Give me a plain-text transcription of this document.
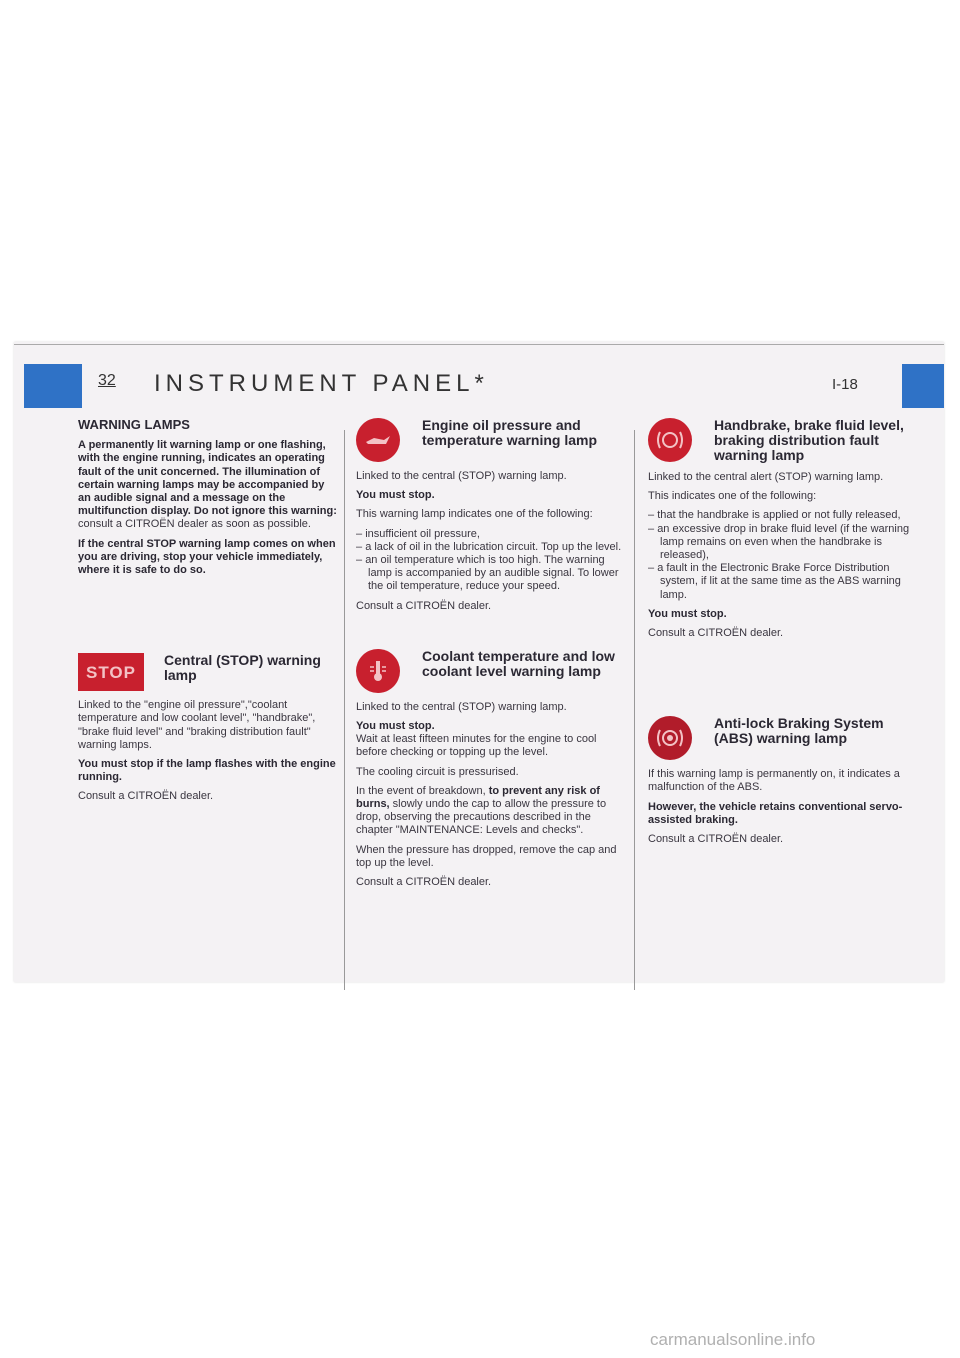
32 INSTRUMENT PANEL*	I-18
WARNING LAMPS

A permanently lit warning lamp or one flashing, with the engine running, indicates an operating fault of the unit concerned. The illumination of certain warning lamps may be accompanied by an audible signal and a message on the multifunction display. Do not ignore this warning: consult a CITROËN dealer as soon as possible.

If the central STOP warning lamp comes on when you are driving, stop your vehicle immediately, where it is safe to do so.

STOP
Central (STOP) warning lamp

Linked to the "engine oil pressure","coolant temperature and low coolant level", "handbrake", "brake fluid level" and "braking distribution fault" warning lamps.

You must stop if the lamp flashes with the engine running.

Consult a CITROËN dealer.

Engine oil pressure and temperature warning lamp

Linked to the central (STOP) warning lamp.

You must stop.

This warning lamp indicates one of the following:

– insufficient oil pressure,
– a lack of oil in the lubrication circuit. Top up the level.
– an oil temperature which is too high. The warning lamp is accompanied by an audible signal. To lower the oil temperature, reduce your speed.

Consult a CITROËN dealer.

Coolant temperature and low coolant level warning lamp

Linked to the central (STOP) warning lamp.

You must stop.
Wait at least fifteen minutes for the engine to cool before checking or topping up the level.

The cooling circuit is pressurised.

In the event of breakdown, to prevent any risk of burns, slowly undo the cap to allow the pressure to drop, observing the precautions described in the chapter "MAINTENANCE: Levels and checks".

When the pressure has dropped, remove the cap and top up the level.

Consult a CITROËN dealer.

Handbrake, brake fluid level, braking distribution fault warning lamp

Linked to the central alert (STOP) warning lamp.

This indicates one of the following:

– that the handbrake is applied or not fully released,
– an excessive drop in brake fluid level (if the warning lamp remains on even when the handbrake is released),
– a fault in the Electronic Brake Force Distribution system, if lit at the same time as the ABS warning lamp.

You must stop.

Consult a CITROËN dealer.

Anti-lock Braking System (ABS) warning lamp

If this warning lamp is permanently on, it indicates a malfunction of the ABS.

However, the vehicle retains conventional servo-assisted braking.

Consult a CITROËN dealer.

carmanualsonline.info
